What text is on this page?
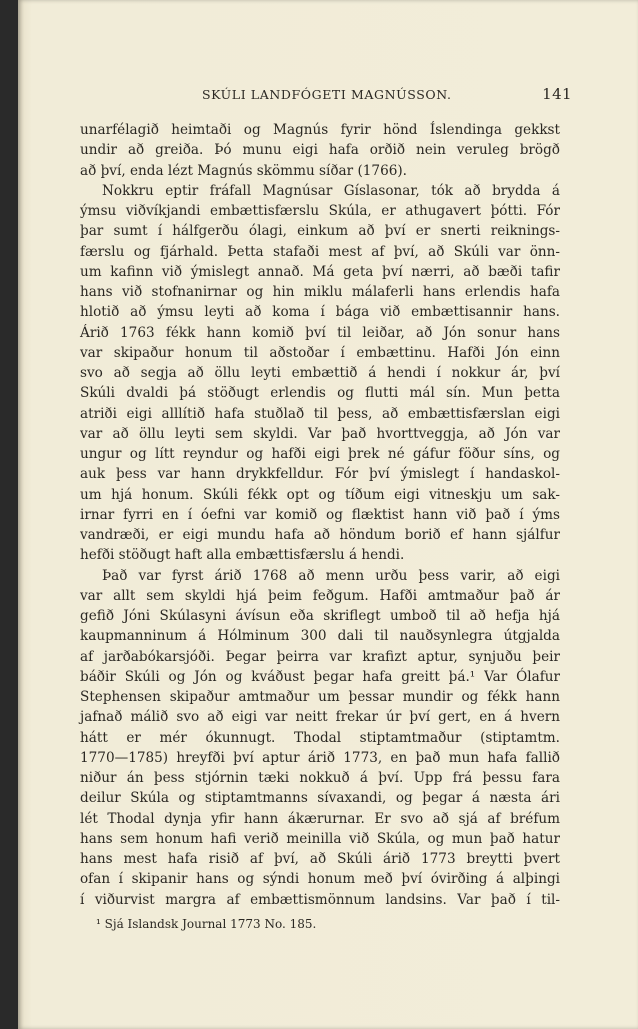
SKÚLI LANDFÓGETI MAGNÚSSON.	141
unarfélagið heimtaði og Magnús fyrir hönd Íslendinga gekkst
undir að greiða. Þó munu eigi hafa orðið nein veruleg brögð
að því, enda lézt Magnús skömmu síðar (1766).
Nokkru eptir fráfall Magnúsar Gíslasonar, tók að brydda á
ýmsu viðvíkjandi embættisfærslu Skúla, er athugavert þótti. Fór
þar sumt í hálfgerðu ólagi, einkum að því er snerti reiknings-
færslu og fjárhald. Þetta stafaði mest af því, að Skúli var önn-
um kafinn við ýmislegt annað. Má geta því nærri, að bæði tafir
hans við stofnanirnar og hin miklu málaferli hans erlendis hafa
hlotið að ýmsu leyti að koma í bága við embættisannir hans.
Árið 1763 fékk hann komið því til leiðar, að Jón sonur hans
var skipaður honum til aðstoðar í embættinu. Hafði Jón einn
svo að segja að öllu leyti embættið á hendi í nokkur ár, því
Skúli dvaldi þá stöðugt erlendis og flutti mál sín. Mun þetta
atriði eigi alllítið hafa stuðlað til þess, að embættisfærslan eigi
var að öllu leyti sem skyldi. Var það hvorttveggja, að Jón var
ungur og lítt reyndur og hafði eigi þrek né gáfur föður síns, og
auk þess var hann drykkfelldur. Fór því ýmislegt í handaskol-
um hjá honum. Skúli fékk opt og tíðum eigi vitneskju um sak-
irnar fyrri en í óefni var komið og flæktist hann við það í ýms
vandræði, er eigi mundu hafa að höndum borið ef hann sjálfur
hefði stöðugt haft alla embættisfærslu á hendi.
Það var fyrst árið 1768 að menn urðu þess varir, að eigi
var allt sem skyldi hjá þeim feðgum. Hafði amtmaður það ár
gefið Jóni Skúlasyni ávísun eða skriflegt umboð til að hefja hjá
kaupmanninum á Hólminum 300 dali til nauðsynlegra útgjalda
af jarðabókarsjóði. Þegar þeirra var krafizt aptur, synjuðu þeir
báðir Skúli og Jón og kváðust þegar hafa greitt þá.¹ Var Ólafur
Stephensen skipaður amtmaður um þessar mundir og fékk hann
jafnað málið svo að eigi var neitt frekar úr því gert, en á hvern
hátt er mér ókunnugt. Thodal stiptamtmaður (stiptamtm.
1770—1785) hreyfði því aptur árið 1773, en það mun hafa fallið
niður án þess stjórnin tæki nokkuð á því. Upp frá þessu fara
deilur Skúla og stiptamtmanns sívaxandi, og þegar á næsta ári
lét Thodal dynja yfir hann ákærurnar. Er svo að sjá af bréfum
hans sem honum hafi verið meinilla við Skúla, og mun það hatur
hans mest hafa risið af því, að Skúli árið 1773 breytti þvert
ofan í skipanir hans og sýndi honum með því óvirðing á alþingi
í viðurvist margra af embættismönnum landsins. Var það í til-
¹ Sjá Islandsk Journal 1773 No. 185.
